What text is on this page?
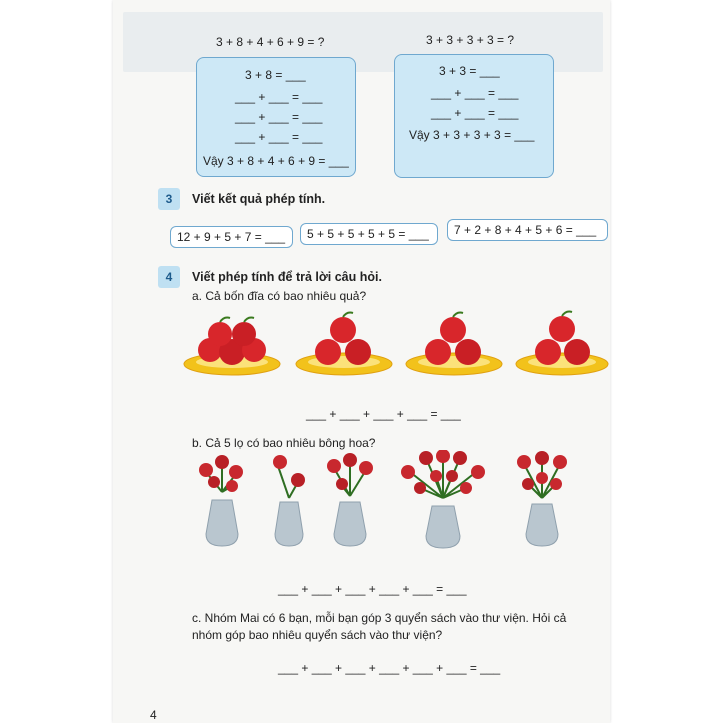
3 + 8 + 4 + 6 + 9 = ?	3 + 3 + 3 + 3 = ?
3 + 8 = ___
___ + ___ = ___
___ + ___ = ___
___ + ___ = ___
Vậy 3 + 8 + 4 + 6 + 9 = ___
3 + 3 = ___
___ + ___ = ___
___ + ___ = ___
Vậy 3 + 3 + 3 + 3 = ___
3	Viết kết quả phép tính.
12 + 9 + 5 + 7 = ___	5 + 5 + 5 + 5 + 5 = ___	7 + 2 + 8 + 4 + 5 + 6 = ___
4	Viết phép tính để trả lời câu hỏi.
a. Cả bốn đĩa có bao nhiêu quả?
___ + ___ + ___ + ___ = ___
b. Cả 5 lọ có bao nhiêu bông hoa?
___ + ___ + ___ + ___ + ___ = ___
c. Nhóm Mai có 6 bạn, mỗi bạn góp 3 quyển sách vào thư viện. Hỏi cả
nhóm góp bao nhiêu quyển sách vào thư viện?
___ + ___ + ___ + ___ + ___ + ___ = ___
4
